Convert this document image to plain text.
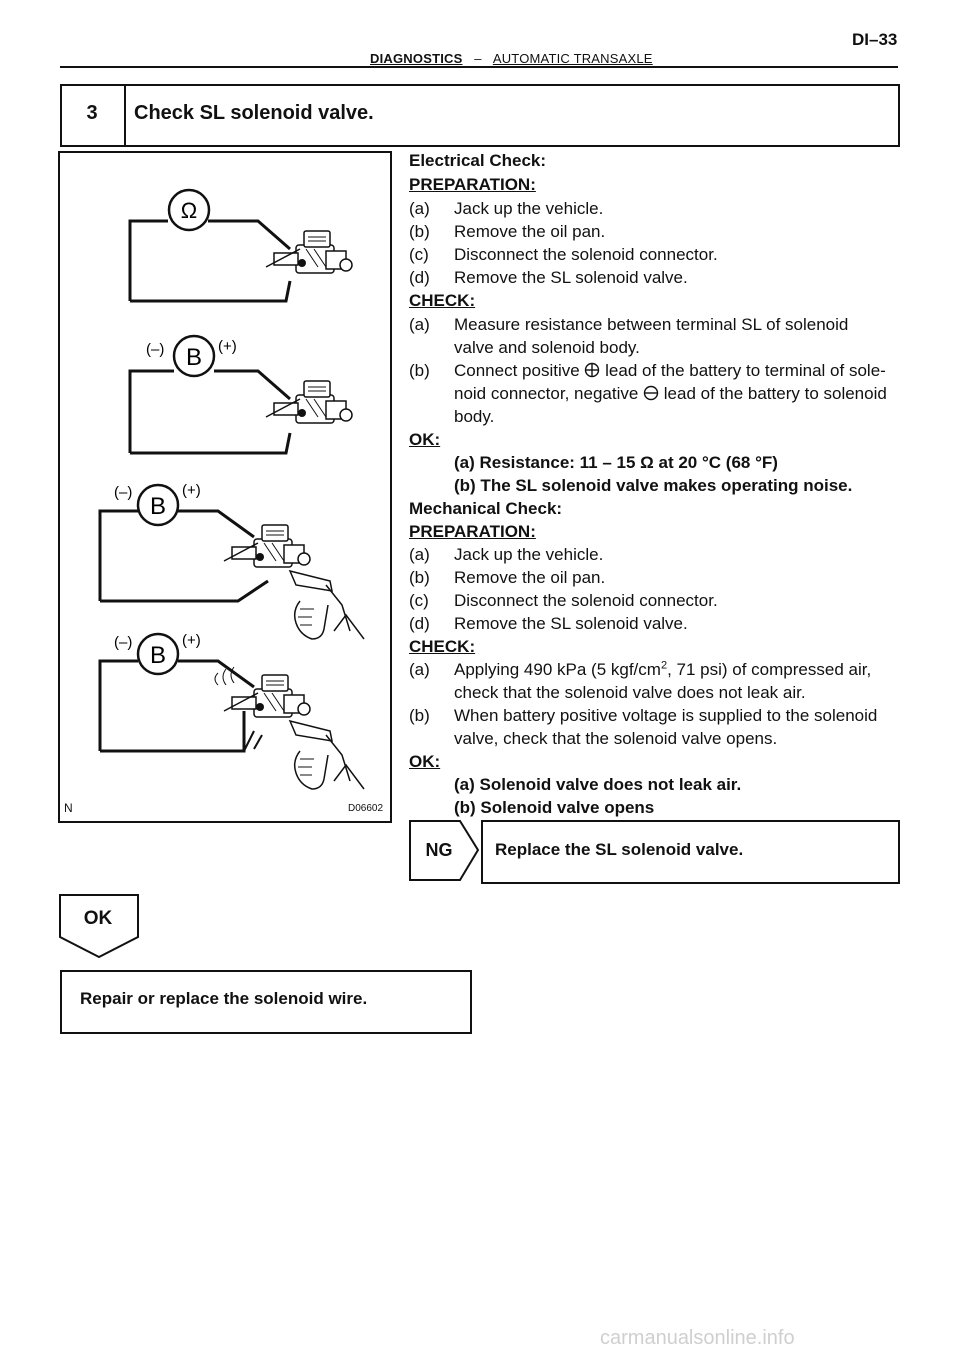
DI–33
DIAGNOSTICS – AUTOMATIC TRANSAXLE
3	Check SL solenoid valve.
Ω
B
(–)	(+)
B
(–)	(+)
B
(–)	(+)
N	D06602
Electrical Check:
PREPARATION:
(a) Jack up the vehicle.
(b) Remove the oil pan.
(c) Disconnect the solenoid connector.
(d) Remove the SL solenoid valve.
CHECK:
(a) Measure resistance between terminal SL of solenoid
valve and solenoid body.
(b) Connect positive lead of the battery to terminal of sole-
noid connector, negative lead of the battery to solenoid
body.
OK:
(a) Resistance: 11 – 15 Ω at 20 °C (68 °F)
(b) The SL solenoid valve makes operating noise.
Mechanical Check:
PREPARATION:
(a) Jack up the vehicle.
(b) Remove the oil pan.
(c) Disconnect the solenoid connector.
(d) Remove the SL solenoid valve.
CHECK:
(a) Applying 490 kPa (5 kgf/$cm^2$, 71 psi) of compressed air,
check that the solenoid valve does not leak air.
(b) When battery positive voltage is supplied to the solenoid
valve, check that the solenoid valve opens.
OK:
(a) Solenoid valve does not leak air.
(b) Solenoid valve opens
NG	Replace the SL solenoid valve.
OK
Repair or replace the solenoid wire.
carmanualsonline.info
